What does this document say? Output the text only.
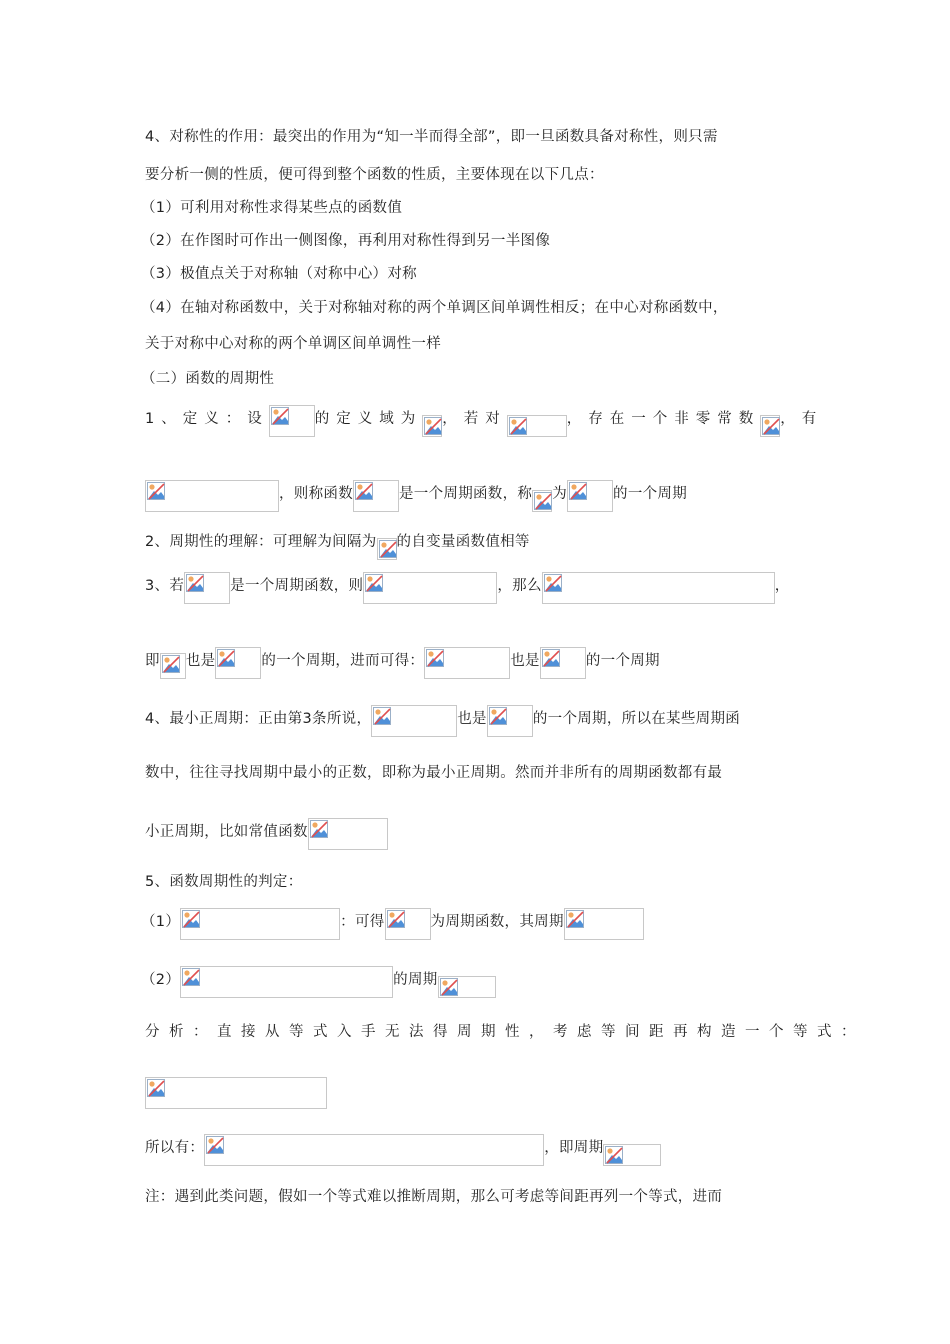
4、对称性的作用：最突出的作用为“知一半而得全部”，即一旦函数具备对称性，则只需
要分析一侧的性质，便可得到整个函数的性质，主要体现在以下几点：
（1）可利用对称性求得某些点的函数值
（2）在作图时可作出一侧图像，再利用对称性得到另一半图像
（3）极值点关于对称轴（对称中心）对称
（4）在轴对称函数中，关于对称轴对称的两个单调区间单调性相反；在中心对称函数中，
关于对称中心对称的两个单调区间单调性一样
（二）函数的周期性
1、定义：设	的定义域为 ，若对	，存在一个非零常数 ，有
，则称函数	是一个周期函数，称 为	的一个周期
2、周期性的理解：可理解为间隔为 的自变量函数值相等
3、若	是一个周期函数，则	，那么	，
即 也是	的一个周期，进而可得：	也是	的一个周期
4、最小正周期：正由第3条所说，	也是	的一个周期，所以在某些周期函
数中，往往寻找周期中最小的正数，即称为最小正周期。然而并非所有的周期函数都有最
小正周期，比如常值函数
5、函数周期性的判定：
（1）	：可得	为周期函数，其周期
（2）	的周期
分析：直接从等式入手无法得周期性，考虑等间距再构造一个等式：
所以有：	，即周期
注：遇到此类问题，假如一个等式难以推断周期，那么可考虑等间距再列一个等式，进而
